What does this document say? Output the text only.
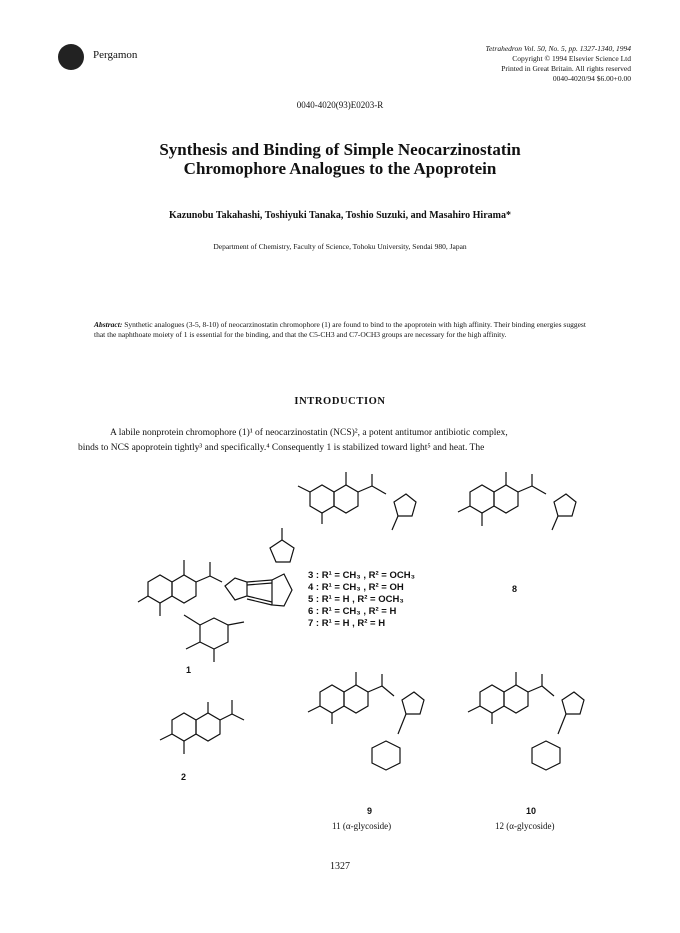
Pergamon
Tetrahedron Vol. 50, No. 5, pp. 1327-1340, 1994
Copyright © 1994 Elsevier Science Ltd
Printed in Great Britain. All rights reserved
0040-4020/94 $6.00+0.00
0040-4020(93)E0203-R
Synthesis and Binding of Simple Neocarzinostatin
Chromophore Analogues to the Apoprotein
Kazunobu Takahashi, Toshiyuki Tanaka, Toshio Suzuki, and Masahiro Hirama*
Department of Chemistry, Faculty of Science, Tohoku University, Sendai 980, Japan
Abstract: Synthetic analogues (3-5, 8-10) of neocarzinostatin chromophore (1) are found to bind to the apoprotein with high affinity. Their binding energies suggest that the naphthoate moiety of 1 is essential for the binding, and that the C5-CH3 and C7-OCH3 groups are necessary for the high affinity.
INTRODUCTION
A labile nonprotein chromophore (1)¹ of neocarzinostatin (NCS)², a potent antitumor antibiotic complex,
binds to NCS apoprotein tightly³ and specifically.⁴ Consequently 1 is stabilized toward light⁵ and heat. The
1
2
8
9	10
3 : R¹ = CH₃ , R² = OCH₃
4 : R¹ = CH₃ , R² = OH
5 : R¹ = H , R² = OCH₃
6 : R¹ = CH₃ , R² = H
7 : R¹ = H , R² = H
11 (α-glycoside)	12 (α-glycoside)
1327
